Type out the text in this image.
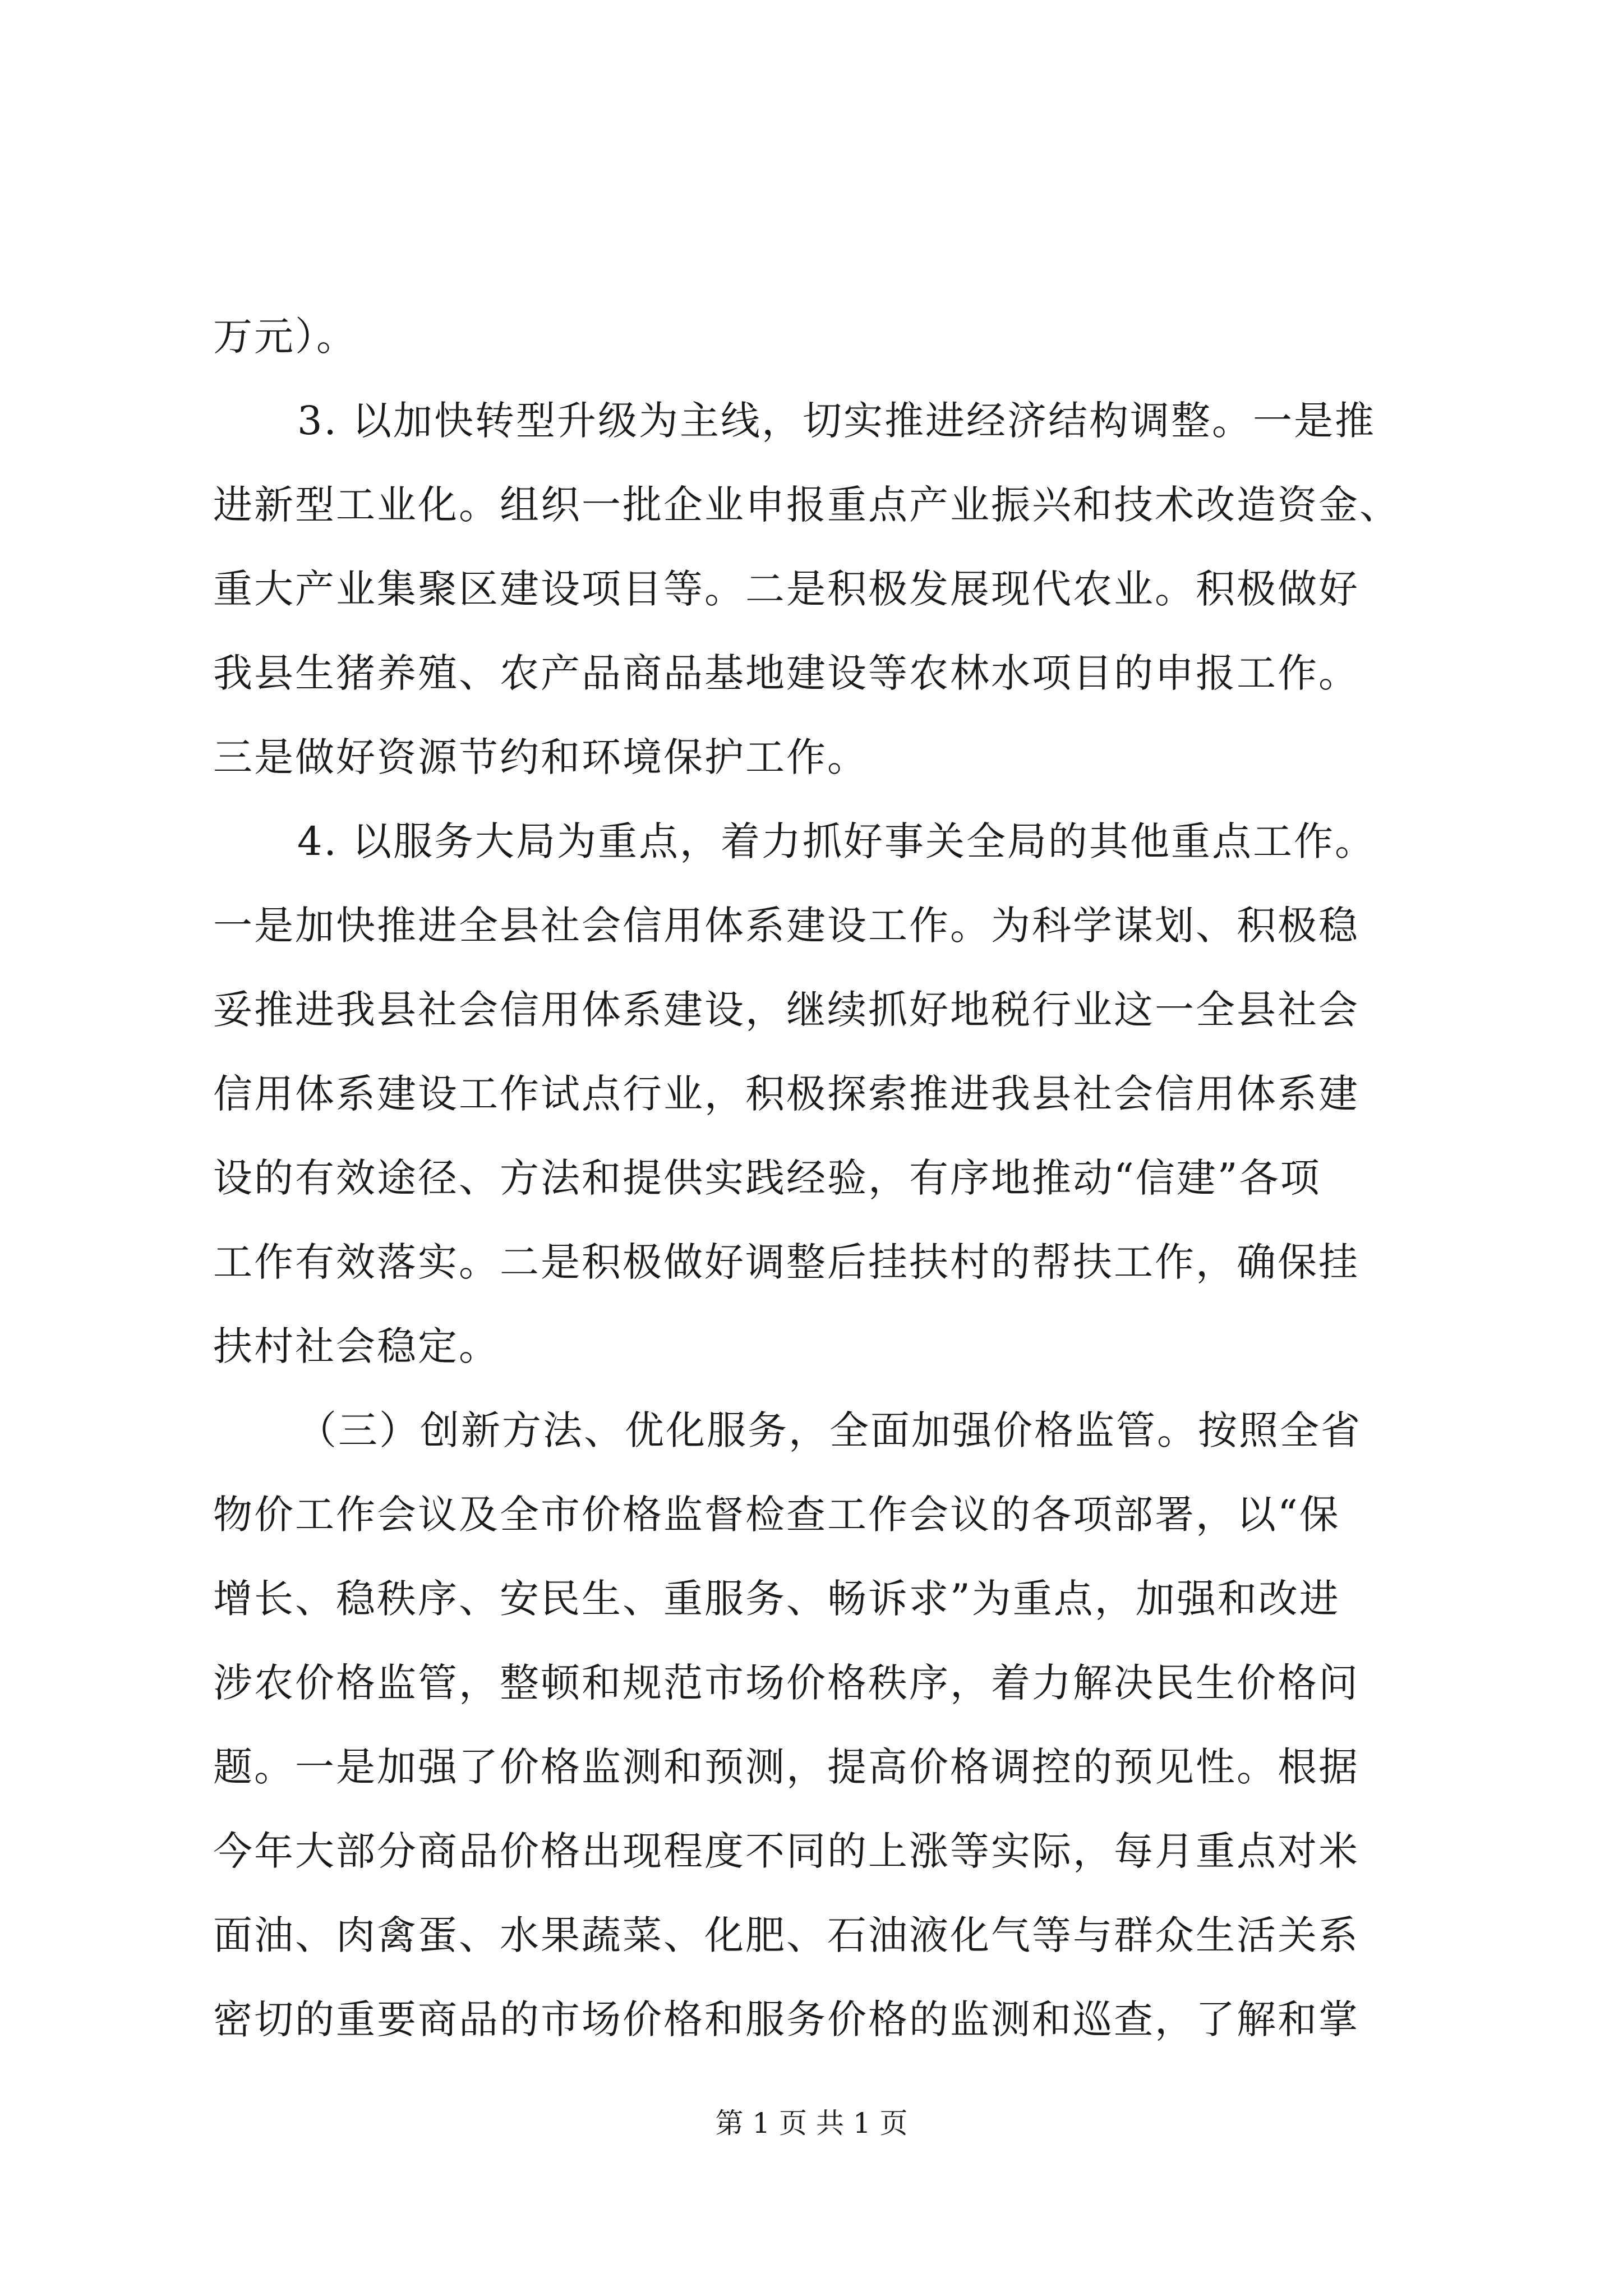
万元）。

3. 以加快转型升级为主线，切实推进经济结构调整。一是推

进新型工业化。组织一批企业申报重点产业振兴和技术改造资金、

重大产业集聚区建设项目等。二是积极发展现代农业。积极做好

我县生猪养殖、农产品商品基地建设等农林水项目的申报工作。

三是做好资源节约和环境保护工作。

4. 以服务大局为重点，着力抓好事关全局的其他重点工作。

一是加快推进全县社会信用体系建设工作。为科学谋划、积极稳

妥推进我县社会信用体系建设，继续抓好地税行业这一全县社会

信用体系建设工作试点行业，积极探索推进我县社会信用体系建

设的有效途径、方法和提供实践经验，有序地推动“信建”各项

工作有效落实。二是积极做好调整后挂扶村的帮扶工作，确保挂

扶村社会稳定。

（三）创新方法、优化服务，全面加强价格监管。按照全省

物价工作会议及全市价格监督检查工作会议的各项部署，以“保

增长、稳秩序、安民生、重服务、畅诉求”为重点，加强和改进

涉农价格监管，整顿和规范市场价格秩序，着力解决民生价格问

题。一是加强了价格监测和预测，提高价格调控的预见性。根据

今年大部分商品价格出现程度不同的上涨等实际，每月重点对米

面油、肉禽蛋、水果蔬菜、化肥、石油液化气等与群众生活关系

密切的重要商品的市场价格和服务价格的监测和巡查，了解和掌

第 1 页 共 1 页
